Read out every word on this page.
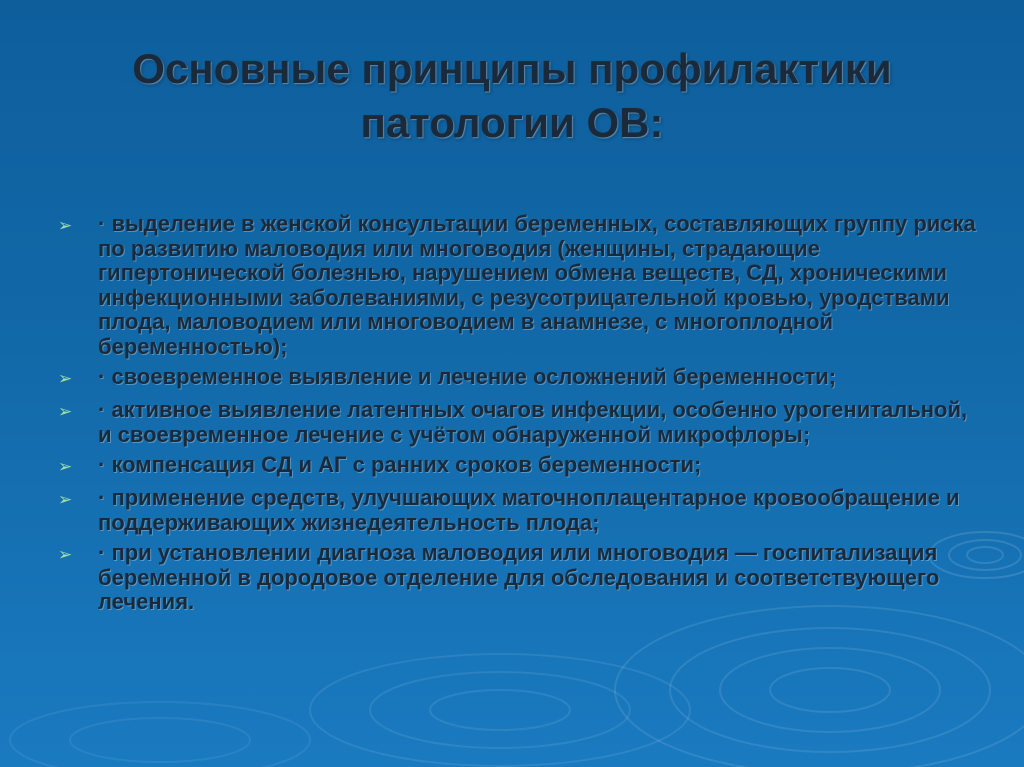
Основные принципы профилактики
патологии ОВ:
➢	· выделение в женской консультации беременных, составляющих группу риска по развитию маловодия или многоводия (женщины, страдающие гипертонической болезнью, нарушением обмена веществ, СД, хроническими инфекционными заболеваниями, с резусотрицательной кровью, уродствами плода, маловодием или многоводием в анамнезе, с многоплодной беременностью);
➢	· своевременное выявление и лечение осложнений беременности;
➢	· активное выявление латентных очагов инфекции, особенно урогенитальной, и своевременное лечение с учётом обнаруженной микрофлоры;
➢	· компенсация СД и АГ с ранних сроков беременности;
➢	· применение средств, улучшающих маточноплацентарное кровообращение и поддерживающих жизнедеятельность плода;
➢	· при установлении диагноза маловодия или многоводия — госпитализация беременной в дородовое отделение для обследования и соответствующего лечения.
